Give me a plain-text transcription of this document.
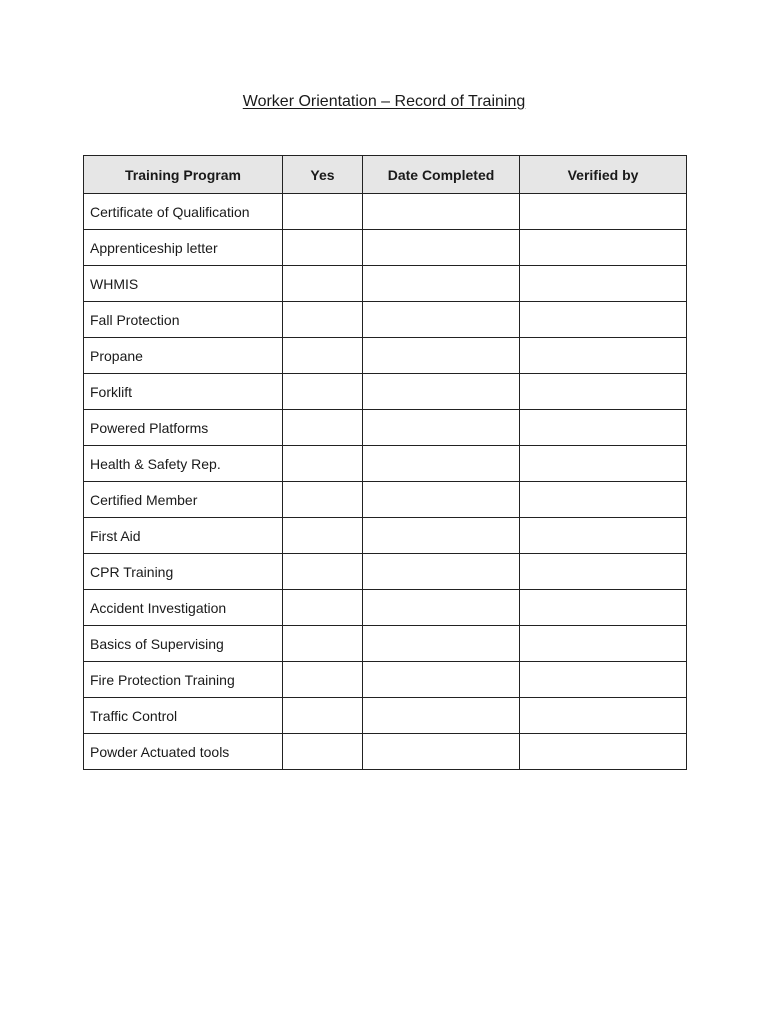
Worker Orientation – Record of Training
Training Program	Yes	Date Completed	Verified by
Certificate of Qualification			
Apprenticeship letter			
WHMIS			
Fall Protection			
Propane			
Forklift			
Powered Platforms			
Health & Safety Rep.			
Certified Member			
First Aid			
CPR Training			
Accident Investigation			
Basics of Supervising			
Fire Protection Training			
Traffic Control			
Powder Actuated tools			
